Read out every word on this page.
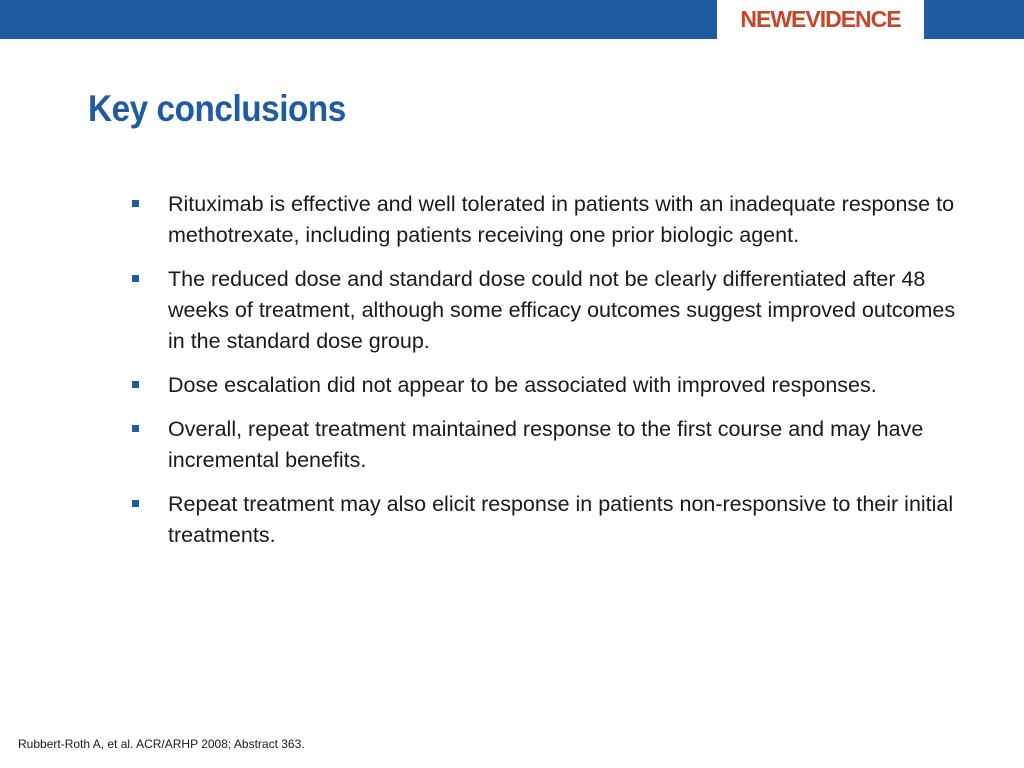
NEWEVIDENCE
Key conclusions
Rituximab is effective and well tolerated in patients with an inadequate response to methotrexate, including patients receiving one prior biologic agent.
The reduced dose and standard dose could not be clearly differentiated after 48 weeks of treatment, although some efficacy outcomes suggest improved outcomes in the standard dose group.
Dose escalation did not appear to be associated with improved responses.
Overall, repeat treatment maintained response to the first course and may have incremental benefits.
Repeat treatment may also elicit response in patients non-responsive to their initial treatments.
Rubbert-Roth A, et al. ACR/ARHP 2008; Abstract 363.
